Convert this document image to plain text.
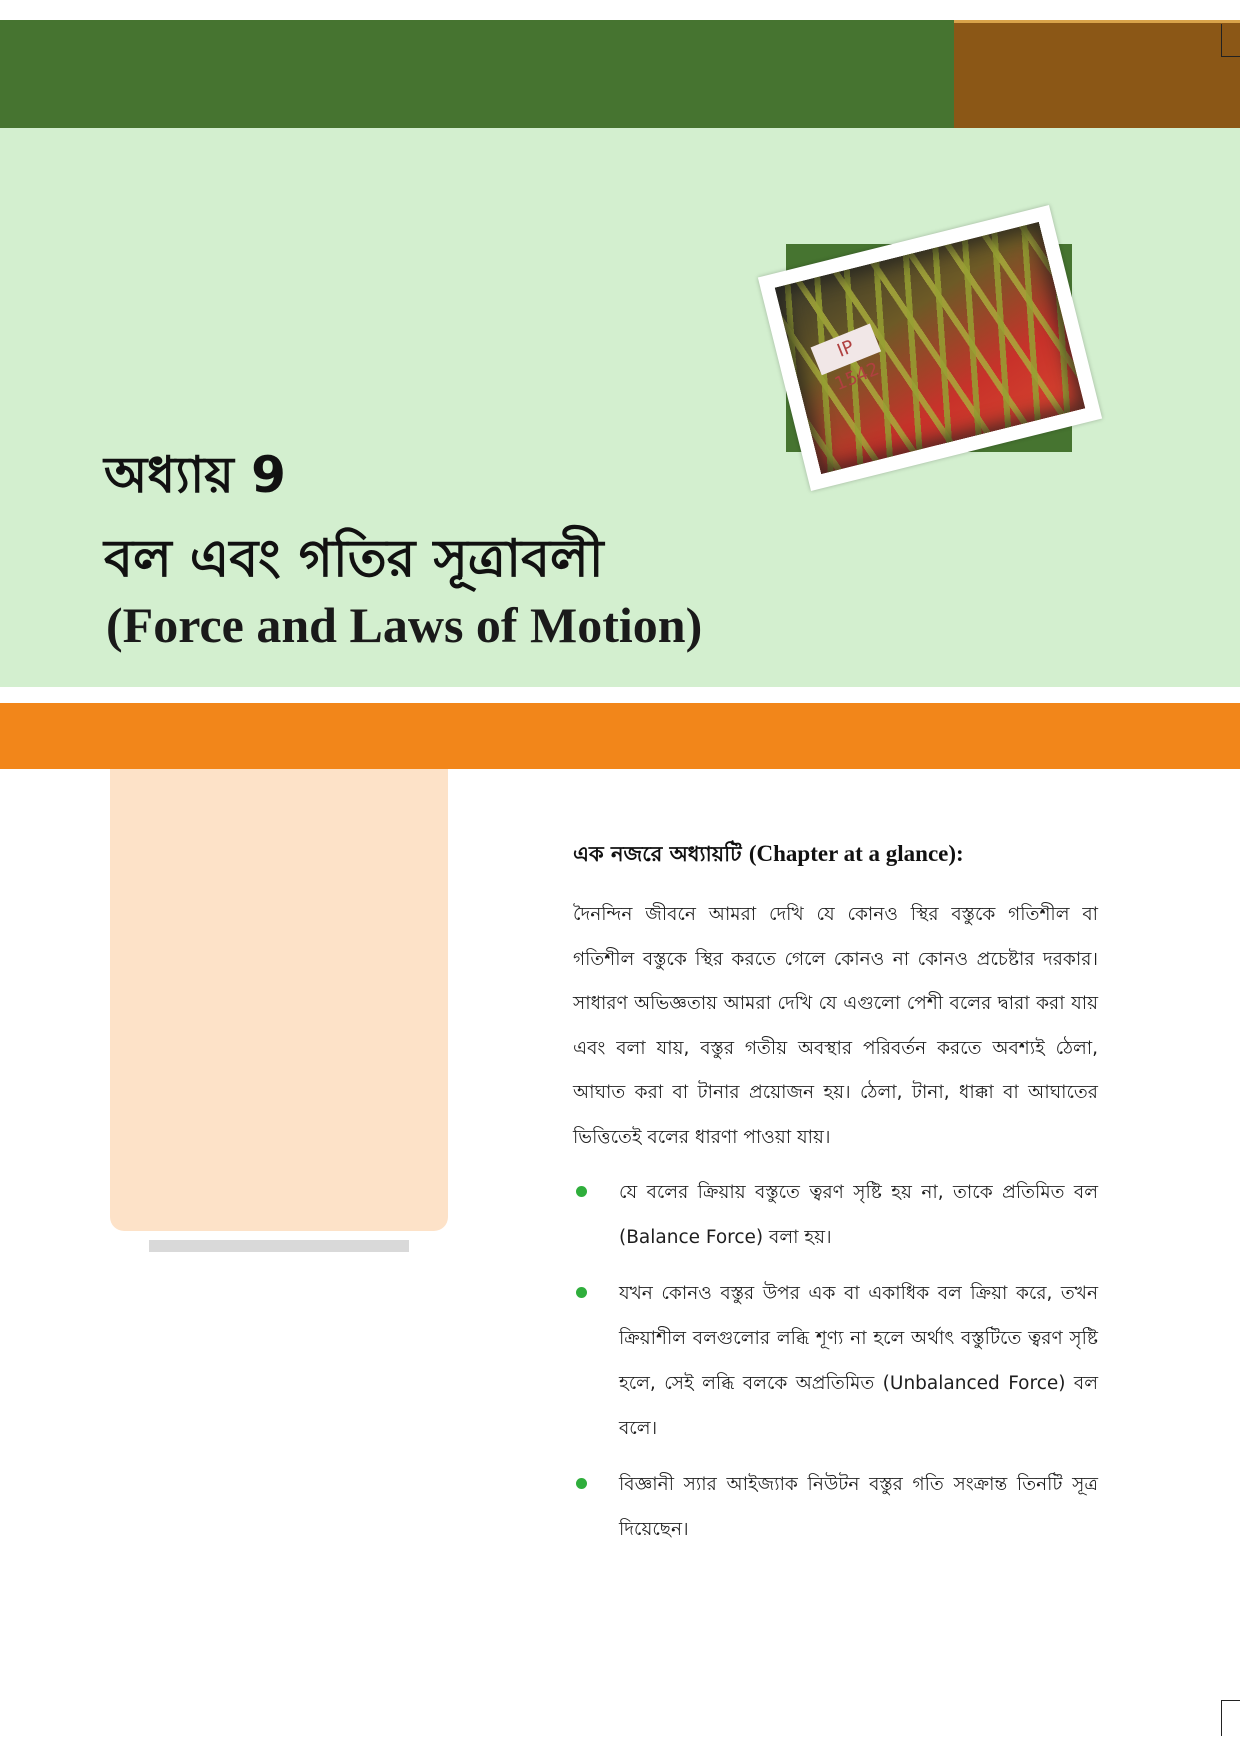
IP 1542
অধ্যায় 9
বল এবং গতির সূত্রাবলী
(Force and Laws of Motion)
এক নজরে অধ্যায়টি (Chapter at a glance):

দৈনন্দিন জীবনে আমরা দেখি যে কোনও স্থির বস্তুকে গতিশীল বা গতিশীল বস্তুকে স্থির করতে গেলে কোনও না কোনও প্রচেষ্টার দরকার। সাধারণ অভিজ্ঞতায় আমরা দেখি যে এগুলো পেশী বলের দ্বারা করা যায় এবং বলা যায়, বস্তুর গতীয় অবস্থার পরিবর্তন করতে অবশ্যই ঠেলা, আঘাত করা বা টানার প্রয়োজন হয়। ঠেলা, টানা, ধাক্কা বা আঘাতের ভিত্তিতেই বলের ধারণা পাওয়া যায়।

যে বলের ক্রিয়ায় বস্তুতে ত্বরণ সৃষ্টি হয় না, তাকে প্রতিমিত বল (Balance Force) বলা হয়।
যখন কোনও বস্তুর উপর এক বা একাধিক বল ক্রিয়া করে, তখন ক্রিয়াশীল বলগুলোর লব্ধি শূণ্য না হলে অর্থাৎ বস্তুটিতে ত্বরণ সৃষ্টি হলে, সেই লব্ধি বলকে অপ্রতিমিত (Unbalanced Force) বল বলে।
বিজ্ঞানী স্যার আইজ্যাক নিউটন বস্তুর গতি সংক্রান্ত তিনটি সূত্র দিয়েছেন।
